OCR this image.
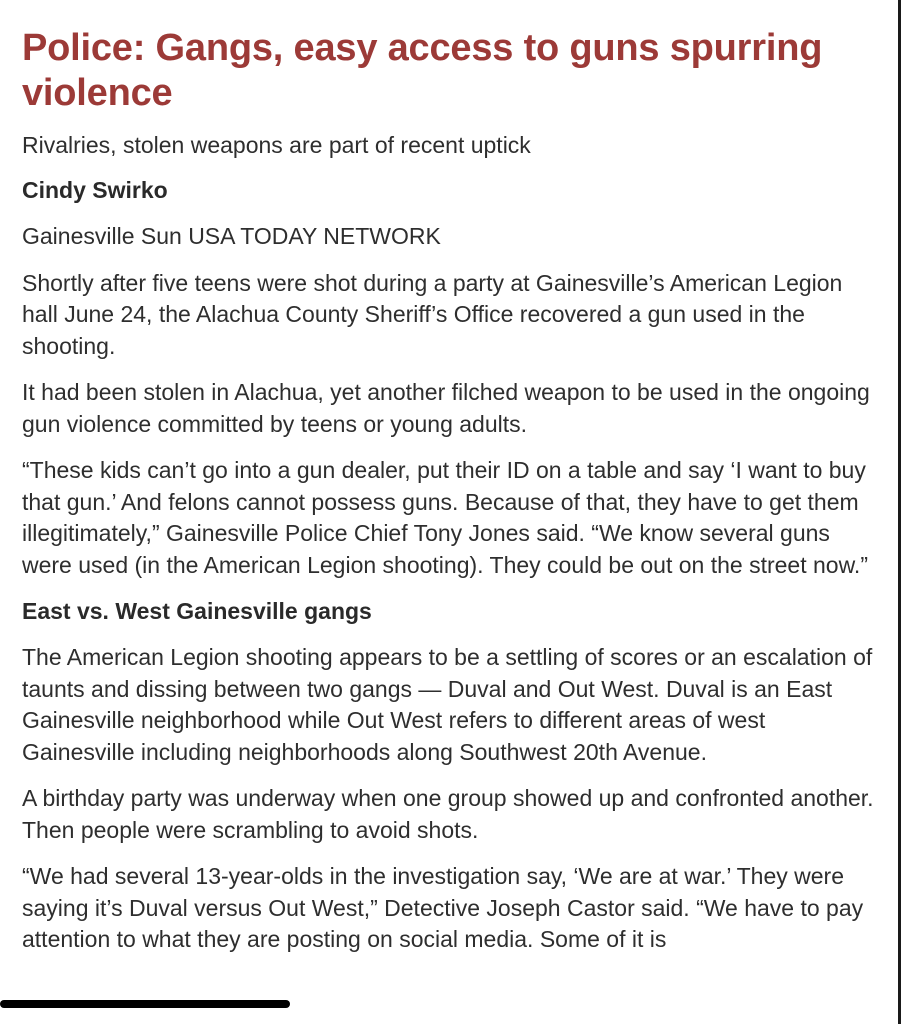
Police: Gangs, easy access to guns spurring violence

Rivalries, stolen weapons are part of recent uptick

Cindy Swirko

Gainesville Sun USA TODAY NETWORK

Shortly after five teens were shot during a party at Gainesville’s American Legion hall June 24, the Alachua County Sheriff’s Office recovered a gun used in the shooting.

It had been stolen in Alachua, yet another filched weapon to be used in the ongoing gun violence committed by teens or young adults.

“These kids can’t go into a gun dealer, put their ID on a table and say ‘I want to buy that gun.’ And felons cannot possess guns. Because of that, they have to get them illegitimately,” Gainesville Police Chief Tony Jones said. “We know several guns were used (in the American Legion shooting). They could be out on the street now.”

East vs. West Gainesville gangs

The American Legion shooting appears to be a settling of scores or an escalation of taunts and dissing between two gangs — Duval and Out West. Duval is an East Gainesville neighborhood while Out West refers to different areas of west Gainesville including neighborhoods along Southwest 20th Avenue.

A birthday party was underway when one group showed up and confronted another. Then people were scrambling to avoid shots.

“We had several 13-year-olds in the investigation say, ‘We are at war.’ They were saying it’s Duval versus Out West,” Detective Joseph Castor said. “We have to pay attention to what they are posting on social media. Some of it is
